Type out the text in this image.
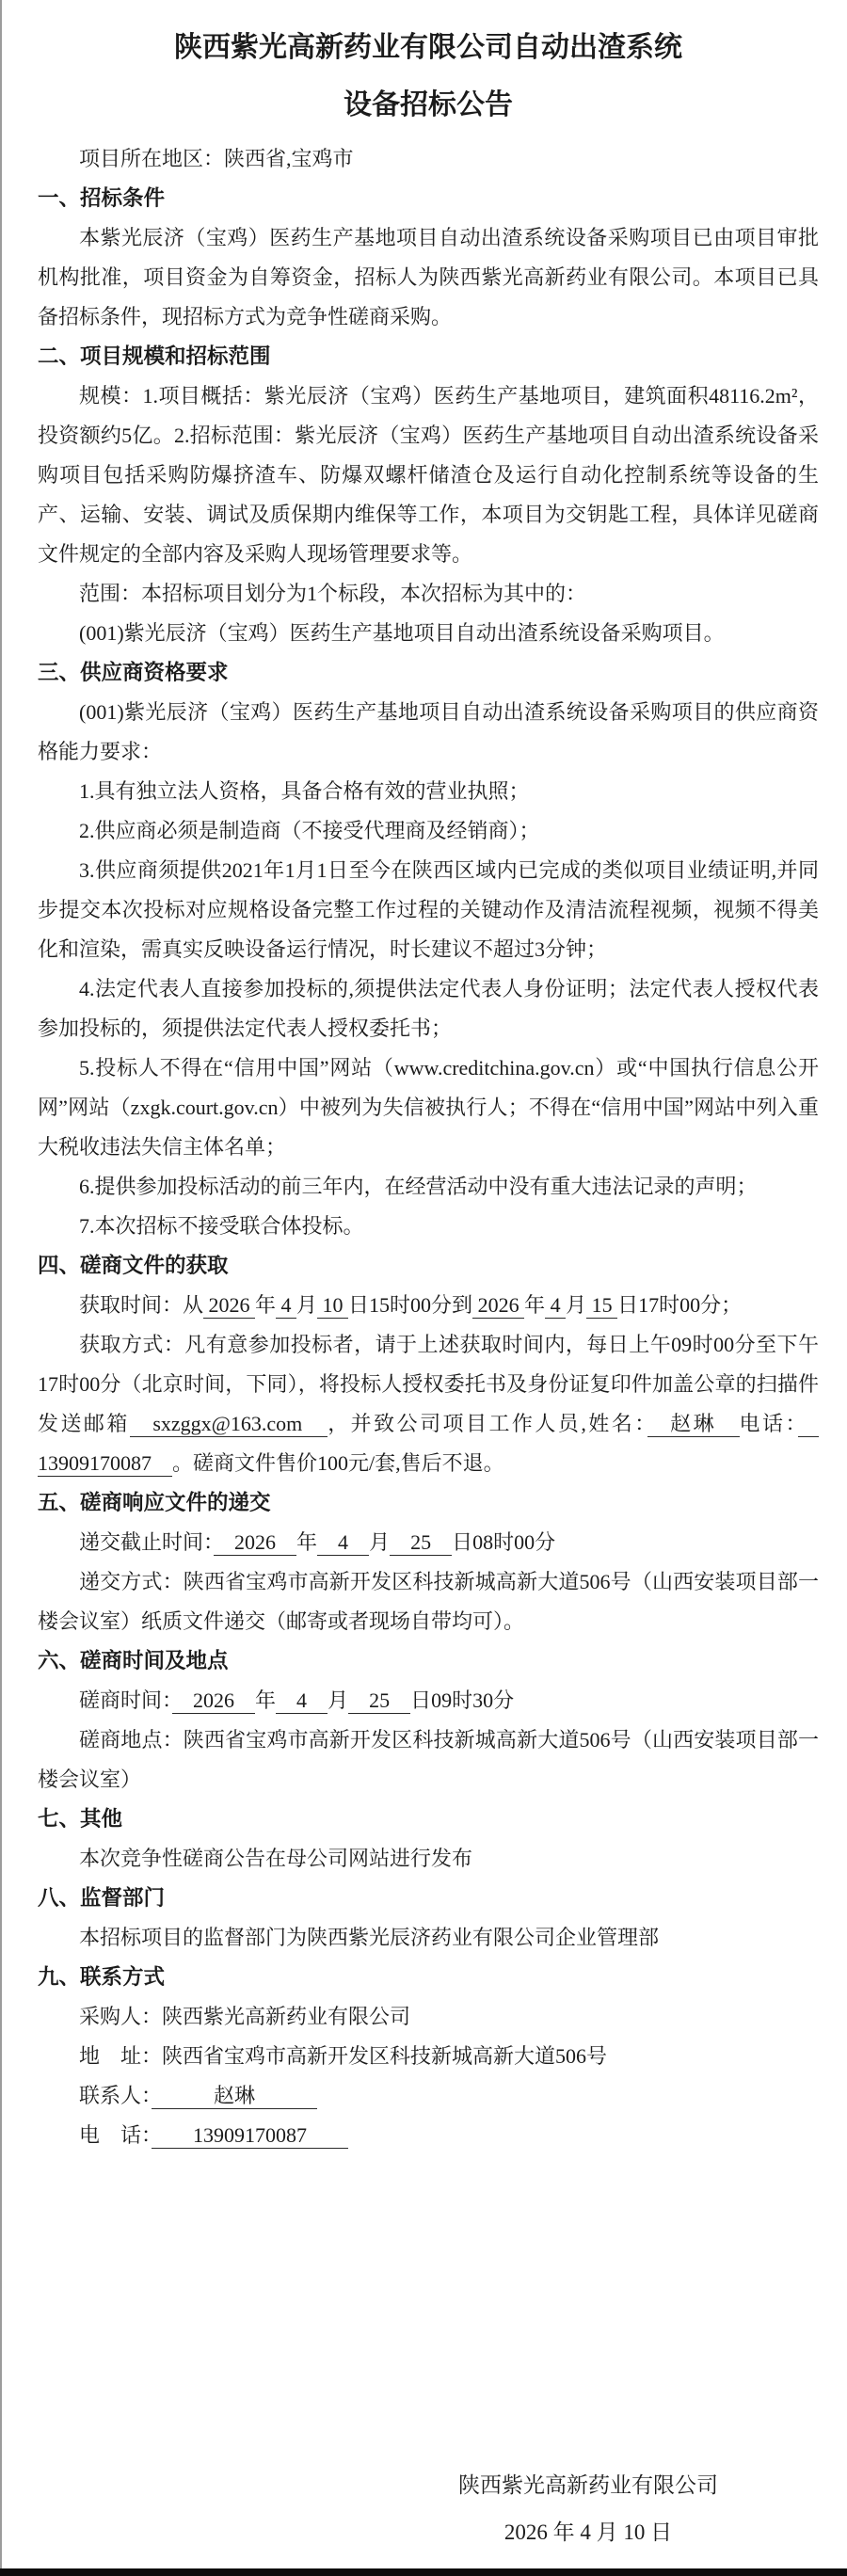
陕西紫光高新药业有限公司自动出渣系统
设备招标公告

项目所在地区：陕西省,宝鸡市

一、招标条件

本紫光辰济（宝鸡）医药生产基地项目自动出渣系统设备采购项目已由项目审批机构批准，项目资金为自筹资金，招标人为陕西紫光高新药业有限公司。本项目已具备招标条件，现招标方式为竞争性磋商采购。

二、项目规模和招标范围

规模：1.项目概括：紫光辰济（宝鸡）医药生产基地项目，建筑面积48116.2m²，投资额约5亿。2.招标范围：紫光辰济（宝鸡）医药生产基地项目自动出渣系统设备采购项目包括采购防爆挤渣车、防爆双螺杆储渣仓及运行自动化控制系统等设备的生产、运输、安装、调试及质保期内维保等工作，本项目为交钥匙工程，具体详见磋商文件规定的全部内容及采购人现场管理要求等。

范围：本招标项目划分为1个标段，本次招标为其中的：

(001)紫光辰济（宝鸡）医药生产基地项目自动出渣系统设备采购项目。

三、供应商资格要求

(001)紫光辰济（宝鸡）医药生产基地项目自动出渣系统设备采购项目的供应商资格能力要求：

1.具有独立法人资格，具备合格有效的营业执照；

2.供应商必须是制造商（不接受代理商及经销商）；

3.供应商须提供2021年1月1日至今在陕西区域内已完成的类似项目业绩证明,并同步提交本次投标对应规格设备完整工作过程的关键动作及清洁流程视频，视频不得美化和渲染，需真实反映设备运行情况，时长建议不超过3分钟；

4.法定代表人直接参加投标的,须提供法定代表人身份证明；法定代表人授权代表参加投标的，须提供法定代表人授权委托书；

5.投标人不得在“信用中国”网站（www.creditchina.gov.cn）或“中国执行信息公开网”网站（zxgk.court.gov.cn）中被列为失信被执行人；不得在“信用中国”网站中列入重大税收违法失信主体名单；

6.提供参加投标活动的前三年内，在经营活动中没有重大违法记录的声明；

7.本次招标不接受联合体投标。

四、磋商文件的获取

获取时间：从 2026 年 4 月 10 日15时00分到 2026 年 4 月 15 日17时00分；

获取方式：凡有意参加投标者，请于上述获取时间内，每日上午09时00分至下午17时00分（北京时间，下同），将投标人授权委托书及身份证复印件加盖公章的扫描件发送邮箱　sxzggx@163.com　，并致公司项目工作人员,姓名：　赵琳　电话：　13909170087　。磋商文件售价100元/套,售后不退。

五、磋商响应文件的递交

递交截止时间：　2026　年　4　月　25　日08时00分

递交方式：陕西省宝鸡市高新开发区科技新城高新大道506号（山西安装项目部一楼会议室）纸质文件递交（邮寄或者现场自带均可）。

六、磋商时间及地点

磋商时间：　2026　年　4　月　25　日09时30分

磋商地点：陕西省宝鸡市高新开发区科技新城高新大道506号（山西安装项目部一楼会议室）

七、其他

本次竞争性磋商公告在母公司网站进行发布

八、监督部门

本招标项目的监督部门为陕西紫光辰济药业有限公司企业管理部

九、联系方式

采购人：陕西紫光高新药业有限公司

地　址：陕西省宝鸡市高新开发区科技新城高新大道506号

联系人：　　　赵琳　　　

电　话：　　13909170087　　

陕西紫光高新药业有限公司

2026 年 4 月 10 日
